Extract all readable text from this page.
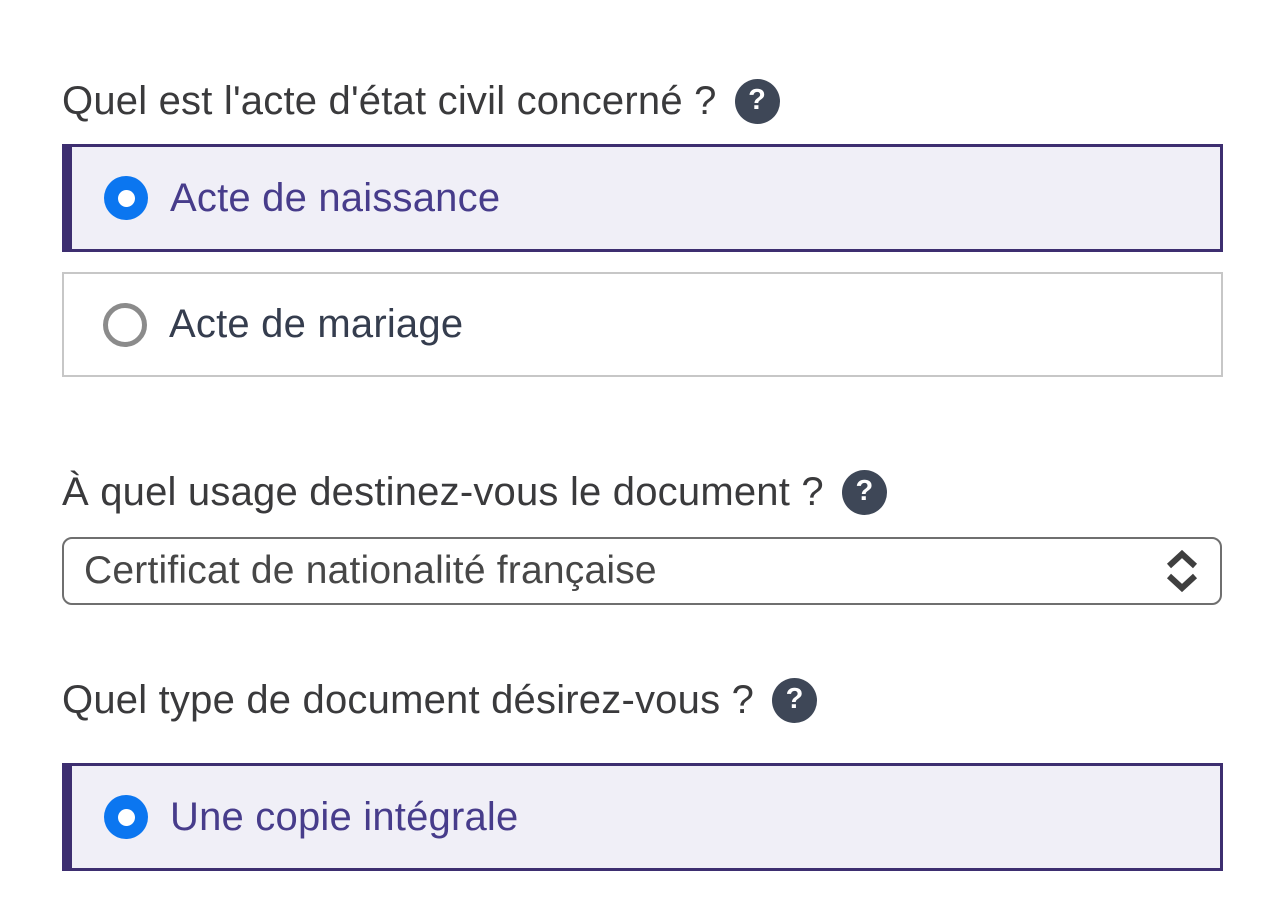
Quel est l'acte d'état civil concerné ? ?
Acte de naissance
Acte de mariage
À quel usage destinez-vous le document ? ?
Certificat de nationalité française
Quel type de document désirez-vous ? ?
Une copie intégrale
